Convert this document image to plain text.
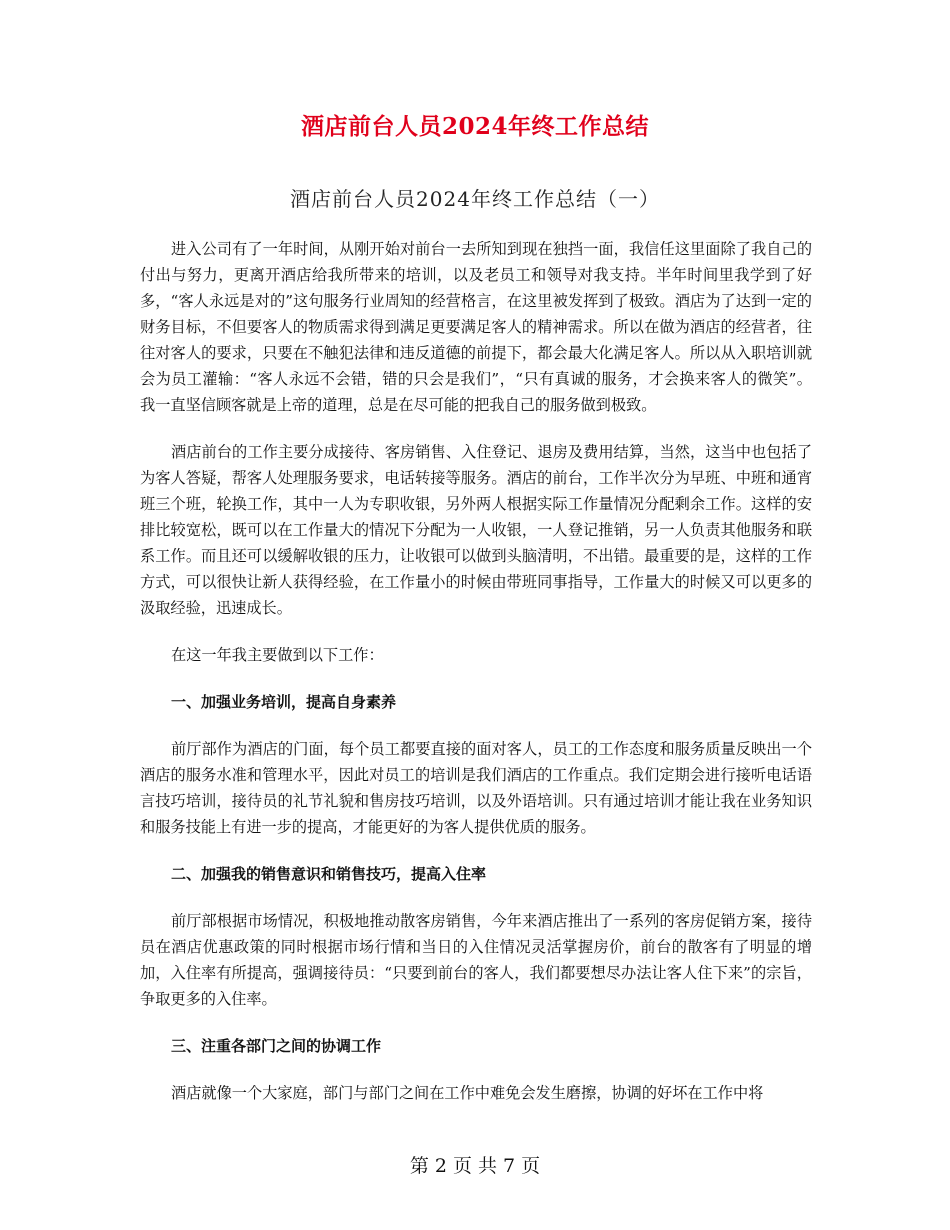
酒店前台人员2024年终工作总结
酒店前台人员2024年终工作总结（一）

进入公司有了一年时间，从刚开始对前台一去所知到现在独挡一面，我信任这里面除了我自己的付出与努力，更离开酒店给我所带来的培训，以及老员工和领导对我支持。半年时间里我学到了好多，“客人永远是对的”这句服务行业周知的经营格言，在这里被发挥到了极致。酒店为了达到一定的财务目标，不但要客人的物质需求得到满足更要满足客人的精神需求。所以在做为酒店的经营者，往往对客人的要求，只要在不触犯法律和违反道德的前提下，都会最大化满足客人。所以从入职培训就会为员工灌输：“客人永远不会错，错的只会是我们”，“只有真诚的服务，才会换来客人的微笑”。 我一直坚信顾客就是上帝的道理，总是在尽可能的把我自己的服务做到极致。

酒店前台的工作主要分成接待、客房销售、入住登记、退房及费用结算，当然，这当中也包括了为客人答疑，帮客人处理服务要求，电话转接等服务。酒店的前台，工作半次分为早班、中班和通宵班三个班，轮换工作，其中一人为专职收银，另外两人根据实际工作量情况分配剩余工作。这样的安排比较宽松，既可以在工作量大的情况下分配为一人收银，一人登记推销，另一人负责其他服务和联系工作。而且还可以缓解收银的压力，让收银可以做到头脑清明，不出错。最重要的是，这样的工作方式，可以很快让新人获得经验，在工作量小的时候由带班同事指导，工作量大的时候又可以更多的汲取经验，迅速成长。

在这一年我主要做到以下工作：

一、加强业务培训，提高自身素养

前厅部作为酒店的门面，每个员工都要直接的面对客人，员工的工作态度和服务质量反映出一个酒店的服务水准和管理水平，因此对员工的培训是我们酒店的工作重点。我们定期会进行接听电话语言技巧培训，接待员的礼节礼貌和售房技巧培训，以及外语培训。只有通过培训才能让我在业务知识和服务技能上有进一步的提高，才能更好的为客人提供优质的服务。

二、加强我的销售意识和销售技巧，提高入住率

前厅部根据市场情况，积极地推动散客房销售，今年来酒店推出了一系列的客房促销方案，接待员在酒店优惠政策的同时根据市场行情和当日的入住情况灵活掌握房价，前台的散客有了明显的增加，入住率有所提高，强调接待员：“只要到前台的客人，我们都要想尽办法让客人住下来”的宗旨，争取更多的入住率。

三、注重各部门之间的协调工作

酒店就像一个大家庭，部门与部门之间在工作中难免会发生磨擦，协调的好坏在工作中将

第 2 页 共 7 页
